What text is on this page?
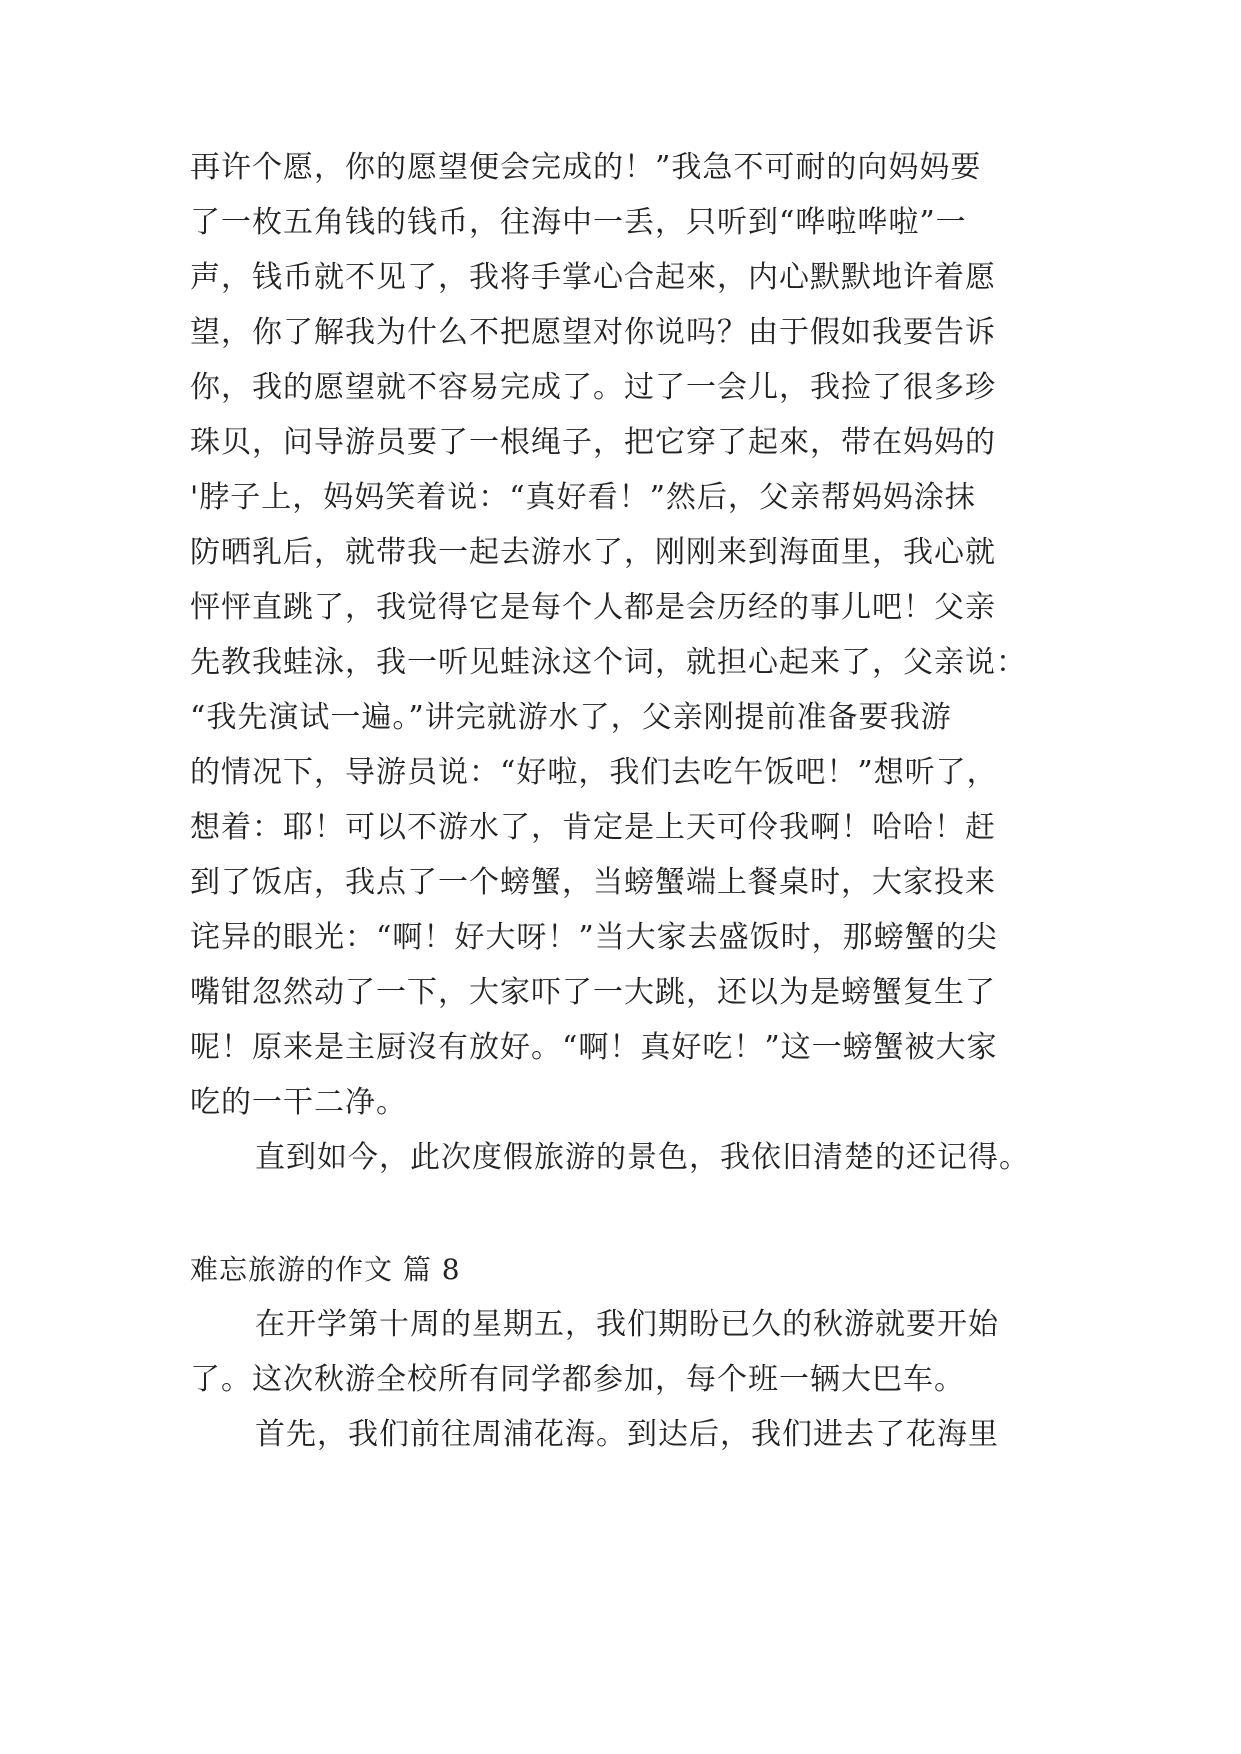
再许个愿，你的愿望便会完成的！”我急不可耐的向妈妈要
了一枚五角钱的钱币，往海中一丢，只听到“哗啦哗啦”一
声，钱币就不见了，我将手掌心合起來，内心默默地许着愿
望，你了解我为什么不把愿望对你说吗？由于假如我要告诉
你，我的愿望就不容易完成了。过了一会儿，我捡了很多珍
珠贝，问导游员要了一根绳子，把它穿了起來，带在妈妈的
'脖子上，妈妈笑着说：“真好看！”然后，父亲帮妈妈涂抹
防晒乳后，就带我一起去游水了，刚刚来到海面里，我心就
怦怦直跳了，我觉得它是每个人都是会历经的事儿吧！父亲
先教我蛙泳，我一听见蛙泳这个词，就担心起来了，父亲说：
“我先演试一遍。”讲完就游水了，父亲刚提前准备要我游
的情况下，导游员说：“好啦，我们去吃午饭吧！”想听了，
想着：耶！可以不游水了，肯定是上天可伶我啊！哈哈！赶
到了饭店，我点了一个螃蟹，当螃蟹端上餐桌时，大家投来
诧异的眼光：“啊！好大呀！”当大家去盛饭时，那螃蟹的尖
嘴钳忽然动了一下，大家吓了一大跳，还以为是螃蟹复生了
呢！原来是主厨沒有放好。“啊！真好吃！”这一螃蟹被大家
吃的一干二净。
直到如今，此次度假旅游的景色，我依旧清楚的还记得。
难忘旅游的作文 篇 8
在开学第十周的星期五，我们期盼已久的秋游就要开始
了。这次秋游全校所有同学都参加，每个班一辆大巴车。
首先，我们前往周浦花海。到达后，我们进去了花海里
